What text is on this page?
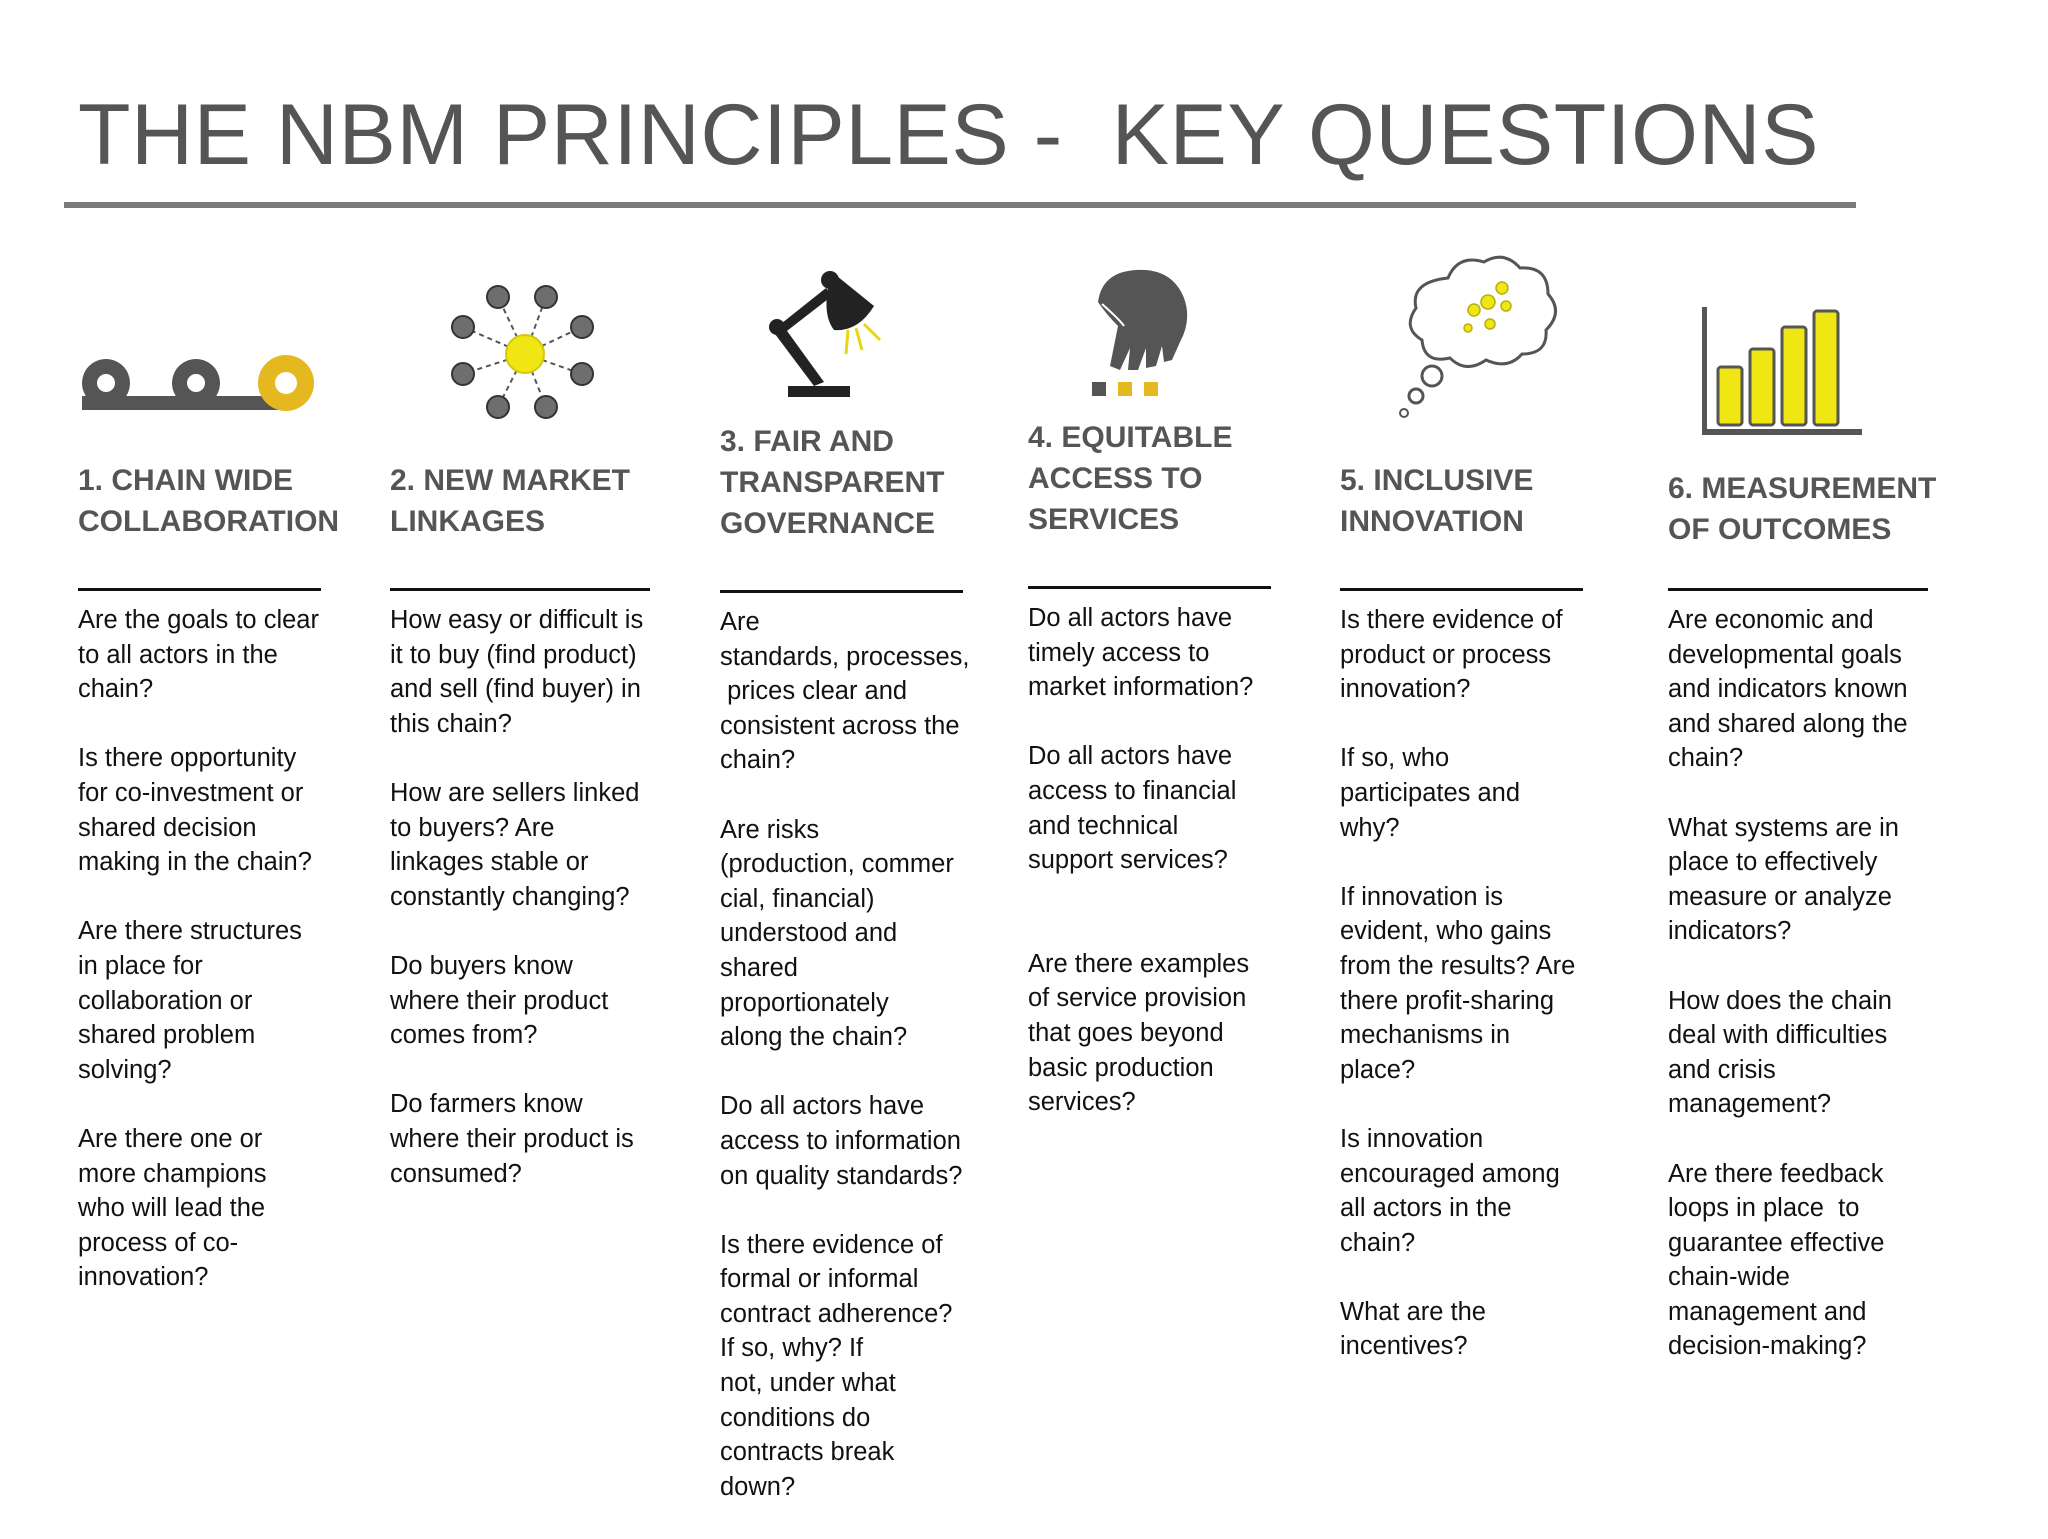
THE NBM PRINCIPLES -  KEY QUESTIONS
1. CHAIN WIDE
COLLABORATION
Are the goals to clear
to all actors in the
chain?
Is there opportunity
for co-investment or
shared decision
making in the chain?
Are there structures
in place for
collaboration or
shared problem
solving?
Are there one or
more champions
who will lead the
process of co-
innovation?
2. NEW MARKET
LINKAGES
How easy or difficult is
it to buy (find product)
and sell (find buyer) in
this chain?
How are sellers linked
to buyers? Are
linkages stable or
constantly changing?
Do buyers know
where their product
comes from?
Do farmers know
where their product is
consumed?
3. FAIR AND
TRANSPARENT
GOVERNANCE
Are
standards, processes,
prices clear and
consistent across the
chain?
Are risks
(production, commer
cial, financial)
understood and
shared
proportionately
along the chain?
Do all actors have
access to information
on quality standards?
Is there evidence of
formal or informal
contract adherence?
If so, why? If
not, under what
conditions do
contracts break
down?
4. EQUITABLE
ACCESS TO
SERVICES
Do all actors have
timely access to
market information?
Do all actors have
access to financial
and technical
support services?
Are there examples
of service provision
that goes beyond
basic production
services?
5. INCLUSIVE
INNOVATION
Is there evidence of
product or process
innovation?
If so, who
participates and
why?
If innovation is
evident, who gains
from the results? Are
there profit-sharing
mechanisms in
place?
Is innovation
encouraged among
all actors in the
chain?
What are the
incentives?
6. MEASUREMENT
OF OUTCOMES
Are economic and
developmental goals
and indicators known
and shared along the
chain?
What systems are in
place to effectively
measure or analyze
indicators?
How does the chain
deal with difficulties
and crisis
management?
Are there feedback
loops in place  to
guarantee effective
chain-wide
management and
decision-making?
